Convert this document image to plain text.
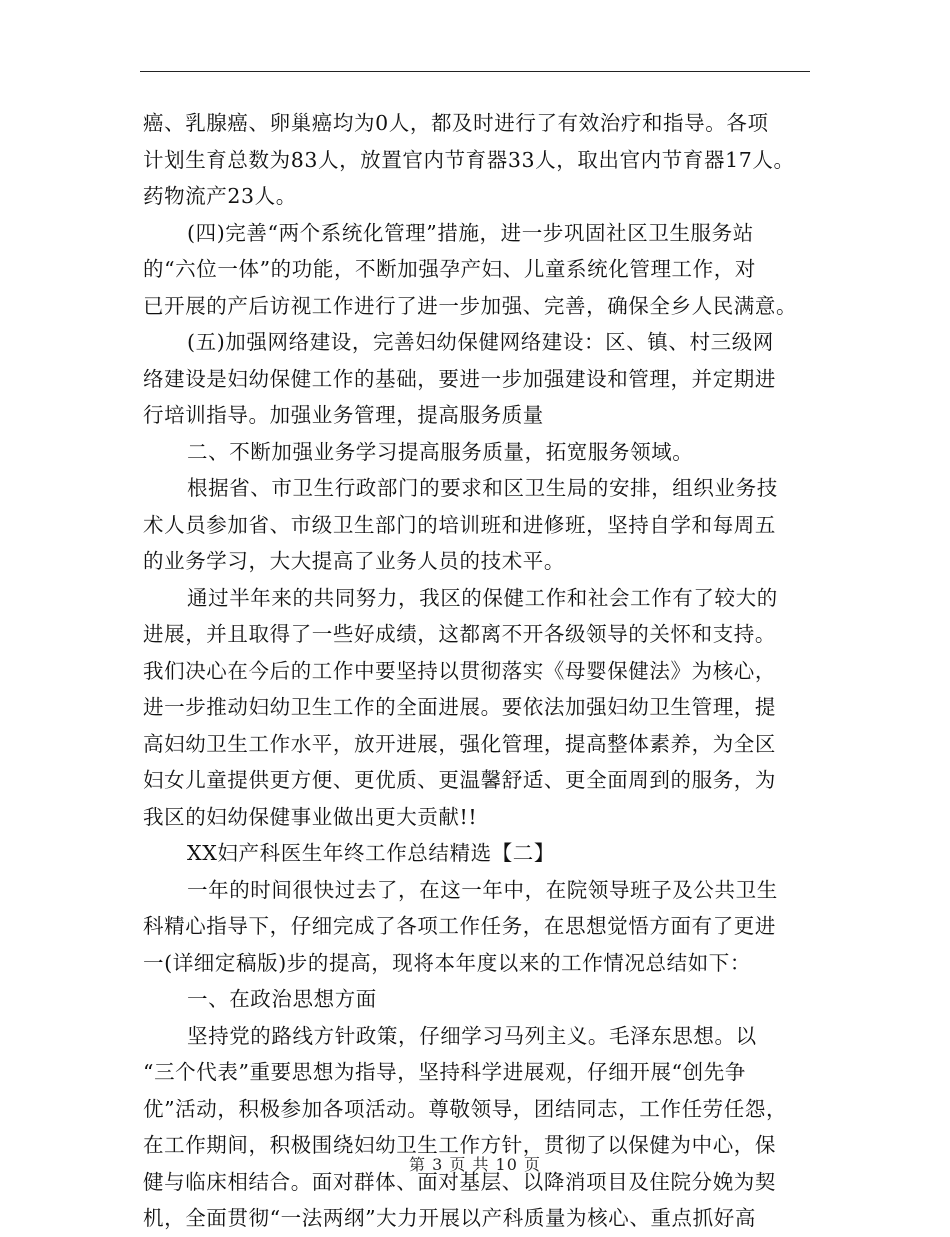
癌、乳腺癌、卵巢癌均为0人，都及时进行了有效治疗和指导。各项
计划生育总数为83人，放置官内节育器33人，取出官内节育器17人。
药物流产23人。
(四)完善“两个系统化管理”措施，进一步巩固社区卫生服务站
的“六位一体”的功能，不断加强孕产妇、儿童系统化管理工作，对
已开展的产后访视工作进行了进一步加强、完善，确保全乡人民满意。
(五)加强网络建设，完善妇幼保健网络建设：区、镇、村三级网
络建设是妇幼保健工作的基础，要进一步加强建设和管理，并定期进
行培训指导。加强业务管理，提高服务质量
二、不断加强业务学习提高服务质量，拓宽服务领域。
根据省、市卫生行政部门的要求和区卫生局的安排，组织业务技
术人员参加省、市级卫生部门的培训班和进修班，坚持自学和每周五
的业务学习，大大提高了业务人员的技术平。
通过半年来的共同努力，我区的保健工作和社会工作有了较大的
进展，并且取得了一些好成绩，这都离不开各级领导的关怀和支持。
我们决心在今后的工作中要坚持以贯彻落实《母婴保健法》为核心，
进一步推动妇幼卫生工作的全面进展。要依法加强妇幼卫生管理，提
高妇幼卫生工作水平，放开进展，强化管理，提高整体素养，为全区
妇女儿童提供更方便、更优质、更温馨舒适、更全面周到的服务，为
我区的妇幼保健事业做出更大贡献!!
XX妇产科医生年终工作总结精选【二】
一年的时间很快过去了，在这一年中，在院领导班子及公共卫生
科精心指导下，仔细完成了各项工作任务，在思想觉悟方面有了更进
一(详细定稿版)步的提高，现将本年度以来的工作情况总结如下：
一、在政治思想方面
坚持党的路线方针政策，仔细学习马列主义。毛泽东思想。以
“三个代表”重要思想为指导，坚持科学进展观，仔细开展“创先争
优”活动，积极参加各项活动。尊敬领导，团结同志，工作任劳任怨，
在工作期间，积极围绕妇幼卫生工作方针，贯彻了以保健为中心，保
健与临床相结合。面对群体、面对基层、以降消项目及住院分娩为契
机，全面贯彻“一法两纲”大力开展以产科质量为核心、重点抓好高
第 3 页 共 10 页
